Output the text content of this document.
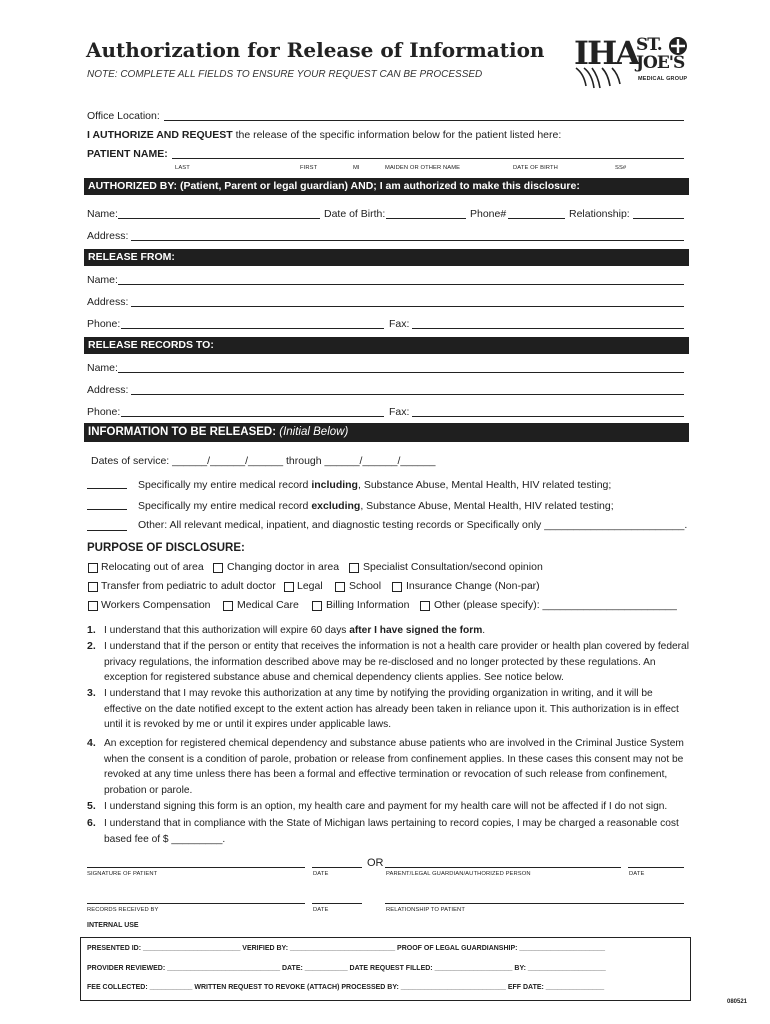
Authorization for Release of Information
NOTE: COMPLETE ALL FIELDS TO ENSURE YOUR REQUEST CAN BE PROCESSED
IHA
ST.
JOE'S
MEDICAL GROUP
Office Location:
I AUTHORIZE AND REQUEST the release of the specific information below for the patient listed here:
PATIENT NAME:
LAST	FIRST	MI	MAIDEN OR OTHER NAME	DATE OF BIRTH	SS#
AUTHORIZED BY: (Patient, Parent or legal guardian) AND; I am authorized to make this disclosure:
Name:	Date of Birth:	Phone#	Relationship:
Address:
RELEASE FROM:
Name:
Address:
Phone:	Fax:
RELEASE RECORDS TO:
Name:
Address:
Phone:	Fax:
INFORMATION TO BE RELEASED: (Initial Below)
Dates of service: ______/______/______ through ______/______/______
Specifically my entire medical record including, Substance Abuse, Mental Health, HIV related testing;
Specifically my entire medical record excluding, Substance Abuse, Mental Health, HIV related testing;
Other: All relevant medical, inpatient, and diagnostic testing records or Specifically only ________________________.
PURPOSE OF DISCLOSURE:
Relocating out of area Changing doctor in area Specialist Consultation/second opinion
Transfer from pediatric to adult doctor Legal	School Insurance Change (Non-par)
Workers Compensation	Medical Care	Billing Information Other (please specify): _______________________
1. I understand that this authorization will expire 60 days after I have signed the form.
2. I understand that if the person or entity that receives the information is not a health care provider or health plan covered by federal privacy regulations, the information described above may be re-disclosed and no longer protected by these regulations. An exception for registered substance abuse and chemical dependency clients applies. See notice below.
3. I understand that I may revoke this authorization at any time by notifying the providing organization in writing, and it will be effective on the date notified except to the extent action has already been taken in reliance upon it. This authorization is in effect until it is revoked by me or until it expires under applicable laws.
4. An exception for registered chemical dependency and substance abuse patients who are involved in the Criminal Justice System when the consent is a condition of parole, probation or release from confinement applies. In these cases this consent may not be revoked at any time unless there has been a formal and effective termination or revocation of such release from confinement, probation or parole.
5. I understand signing this form is an option, my health care and payment for my health care will not be affected if I do not sign.
6. I understand that in compliance with the State of Michigan laws pertaining to record copies, I may be charged a reasonable cost based fee of $ _________.
OR
SIGNATURE OF PATIENT	DATE	PARENT/LEGAL GUARDIAN/AUTHORIZED PERSON	DATE
RECORDS RECEIVED BY	DATE	RELATIONSHIP TO PATIENT
INTERNAL USE
PRESENTED ID: _________________________ VERIFIED BY: ___________________________ PROOF OF LEGAL GUARDIANSHIP: ______________________
PROVIDER REVIEWED: _____________________________ DATE: ___________ DATE REQUEST FILLED: ____________________ BY: ____________________
FEE COLLECTED: ___________ WRITTEN REQUEST TO REVOKE (ATTACH) PROCESSED BY: ___________________________ EFF DATE: _______________
080521
